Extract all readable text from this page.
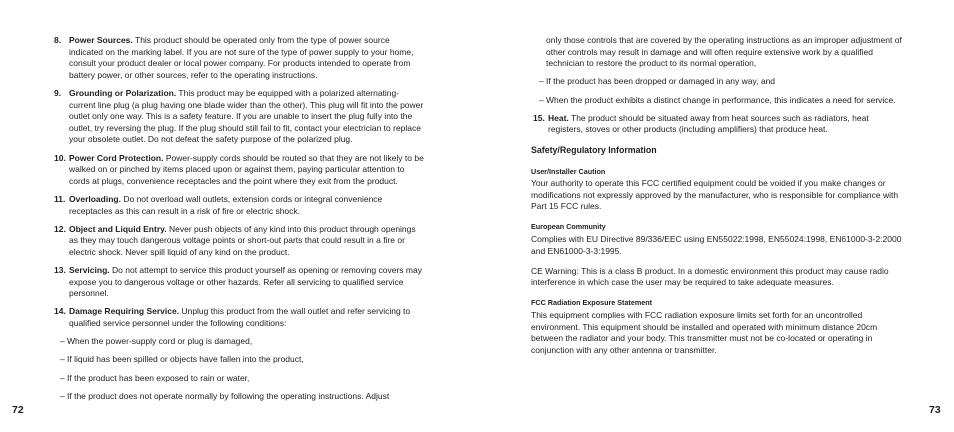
8. Power Sources. This product should be operated only from the type of power source indicated on the marking label. If you are not sure of the type of power supply to your home, consult your product dealer or local power company. For products intended to operate from battery power, or other sources, refer to the operating instructions.
9. Grounding or Polarization. This product may be equipped with a polarized alternating-current line plug (a plug having one blade wider than the other). This plug will fit into the power outlet only one way. This is a safety feature. If you are unable to insert the plug fully into the outlet, try reversing the plug. If the plug should still fail to fit, contact your electrician to replace your obsolete outlet. Do not defeat the safety purpose of the polarized plug.
10. Power Cord Protection. Power-supply cords should be routed so that they are not likely to be walked on or pinched by items placed upon or against them, paying particular attention to cords at plugs, convenience receptacles and the point where they exit from the product.
11. Overloading. Do not overload wall outlets, extension cords or integral convenience receptacles as this can result in a risk of fire or electric shock.
12. Object and Liquid Entry. Never push objects of any kind into this product through openings as they may touch dangerous voltage points or short-out parts that could result in a fire or electric shock. Never spill liquid of any kind on the product.
13. Servicing. Do not attempt to service this product yourself as opening or removing covers may expose you to dangerous voltage or other hazards. Refer all servicing to qualified service personnel.
14. Damage Requiring Service. Unplug this product from the wall outlet and refer servicing to qualified service personnel under the following conditions:
– When the power-supply cord or plug is damaged,
– If liquid has been spilled or objects have fallen into the product,
– If the product has been exposed to rain or water,
– If the product does not operate normally by following the operating instructions. Adjust
72
only those controls that are covered by the operating instructions as an improper adjustment of other controls may result in damage and will often require extensive work by a qualified technician to restore the product to its normal operation,
– If the product has been dropped or damaged in any way, and
– When the product exhibits a distinct change in performance, this indicates a need for service.
15. Heat. The product should be situated away from heat sources such as radiators, heat registers, stoves or other products (including amplifiers) that produce heat.
Safety/Regulatory Information
User/Installer Caution
Your authority to operate this FCC certified equipment could be voided if you make changes or modifications not expressly approved by the manufacturer, who is responsible for compliance with Part 15 FCC rules.
European Community
Complies with EU Directive 89/336/EEC using EN55022:1998, EN55024:1998, EN61000-3-2:2000 and EN61000-3-3:1995.
CE Warning: This is a class B product. In a domestic environment this product may cause radio interference in which case the user may be required to take adequate measures.
FCC Radiation Exposure Statement
This equipment complies with FCC radiation exposure limits set forth for an uncontrolled environment. This equipment should be installed and operated with minimum distance 20cm between the radiator and your body. This transmitter must not be co-located or operating in conjunction with any other antenna or transmitter.
73
